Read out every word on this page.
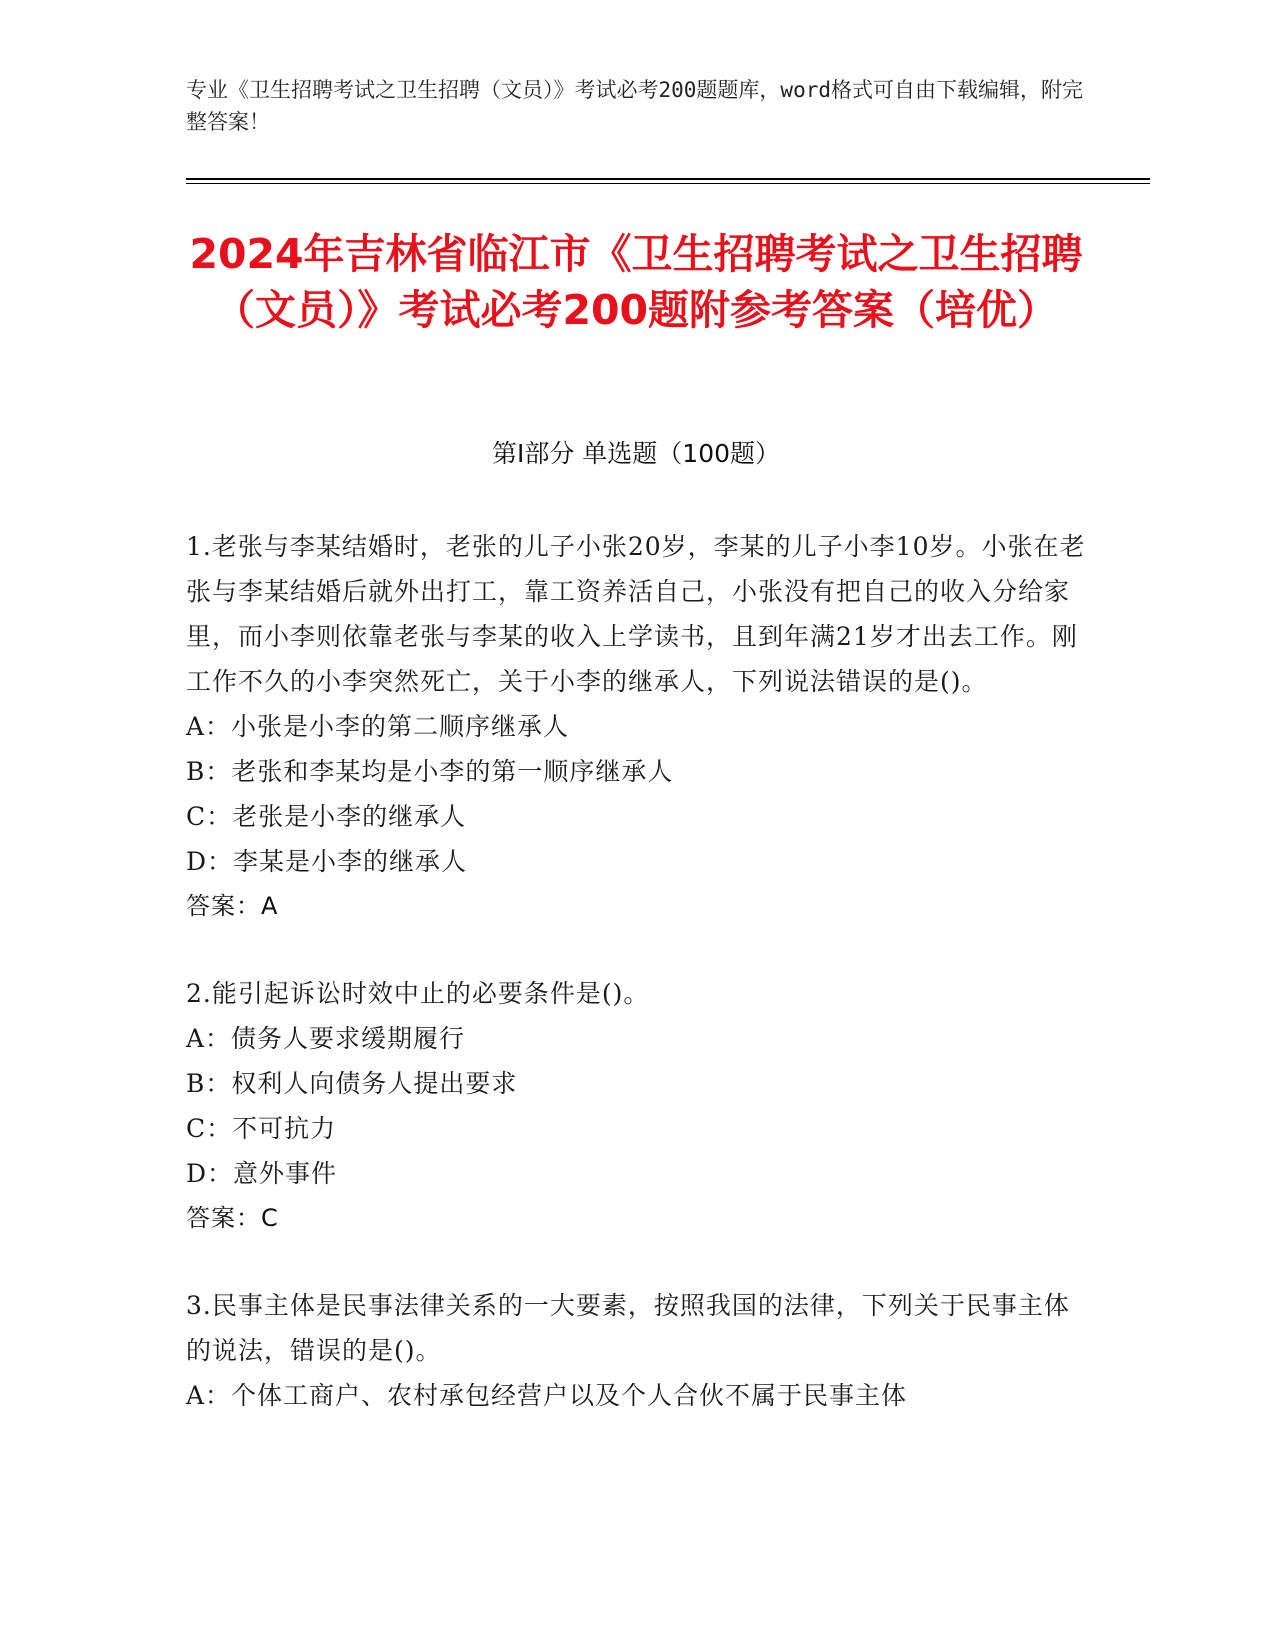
专业《卫生招聘考试之卫生招聘（文员）》考试必考200题题库，word格式可自由下载编辑，附完整答案！
2024年吉林省临江市《卫生招聘考试之卫生招聘（文员）》考试必考200题附参考答案（培优）
第Ⅰ部分 单选题（100题）

1.老张与李某结婚时，老张的儿子小张20岁，李某的儿子小李10岁。小张在老张与李某结婚后就外出打工，靠工资养活自己，小张没有把自己的收入分给家里，而小李则依靠老张与李某的收入上学读书，且到年满21岁才出去工作。刚工作不久的小李突然死亡，关于小李的继承人，下列说法错误的是()。

A：小张是小李的第二顺序继承人

B：老张和李某均是小李的第一顺序继承人

C：老张是小李的继承人

D：李某是小李的继承人

答案：A

2.能引起诉讼时效中止的必要条件是()。

A：债务人要求缓期履行

B：权利人向债务人提出要求

C：不可抗力

D：意外事件

答案：C

3.民事主体是民事法律关系的一大要素，按照我国的法律，下列关于民事主体的说法，错误的是()。

A：个体工商户、农村承包经营户以及个人合伙不属于民事主体
